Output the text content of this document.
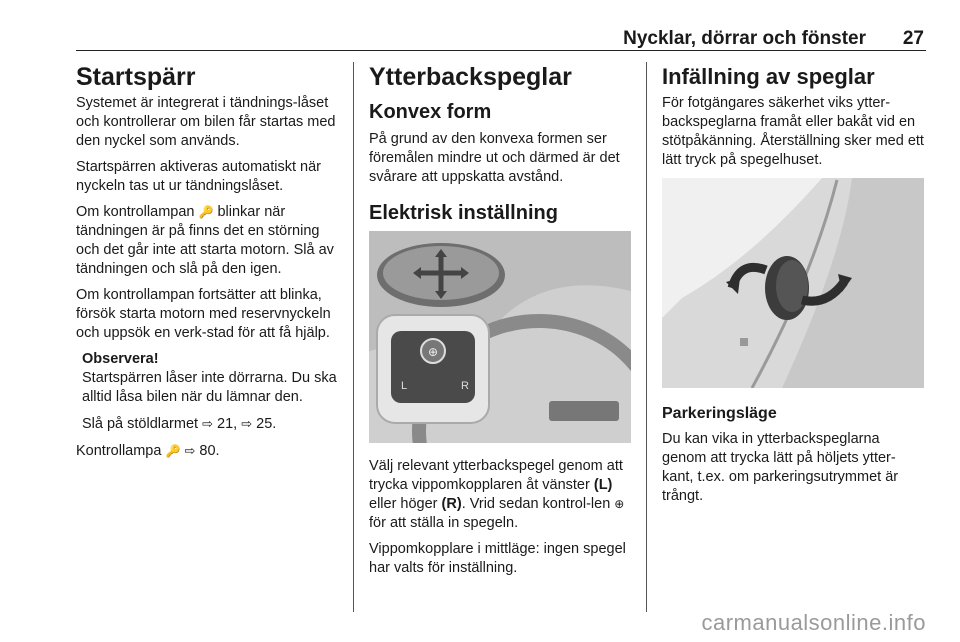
Nycklar, dörrar och fönster 27
Startspärr

Systemet är integrerat i tändnings-låset och kontrollerar om bilen får startas med den nyckel som används.

Startspärren aktiveras automatiskt när nyckeln tas ut ur tändningslåset.

Om kontrollampan 🔑 blinkar när tändningen är på finns det en störning och det går inte att starta motorn. Slå av tändningen och slå på den igen.

Om kontrollampan fortsätter att blinka, försök starta motorn med reservnyckeln och uppsök en verk-stad för att få hjälp.

Observera!
Startspärren låser inte dörrarna. Du ska alltid låsa bilen när du lämnar den.

Slå på stöldlarmet ⇨ 21, ⇨ 25.

Kontrollampa 🔑 ⇨ 80.

Ytterbackspeglar
Konvex form

På grund av den konvexa formen ser föremålen mindre ut och därmed är det svårare att uppskatta avstånd.

Elektrisk inställning
⊕
L	R

Välj relevant ytterbackspegel genom att trycka vippomkopplaren åt vänster (L) eller höger (R). Vrid sedan kontrol-len ⊕ för att ställa in spegeln.

Vippomkopplare i mittläge: ingen spegel har valts för inställning.

Infällning av speglar

För fotgängares säkerhet viks ytter-backspeglarna framåt eller bakåt vid en stötpåkänning. Återställning sker med ett lätt tryck på spegelhuset.

Parkeringsläge

Du kan vika in ytterbackspeglarna genom att trycka lätt på höljets ytter-kant, t.ex. om parkeringsutrymmet är trångt.

carmanualsonline.info
